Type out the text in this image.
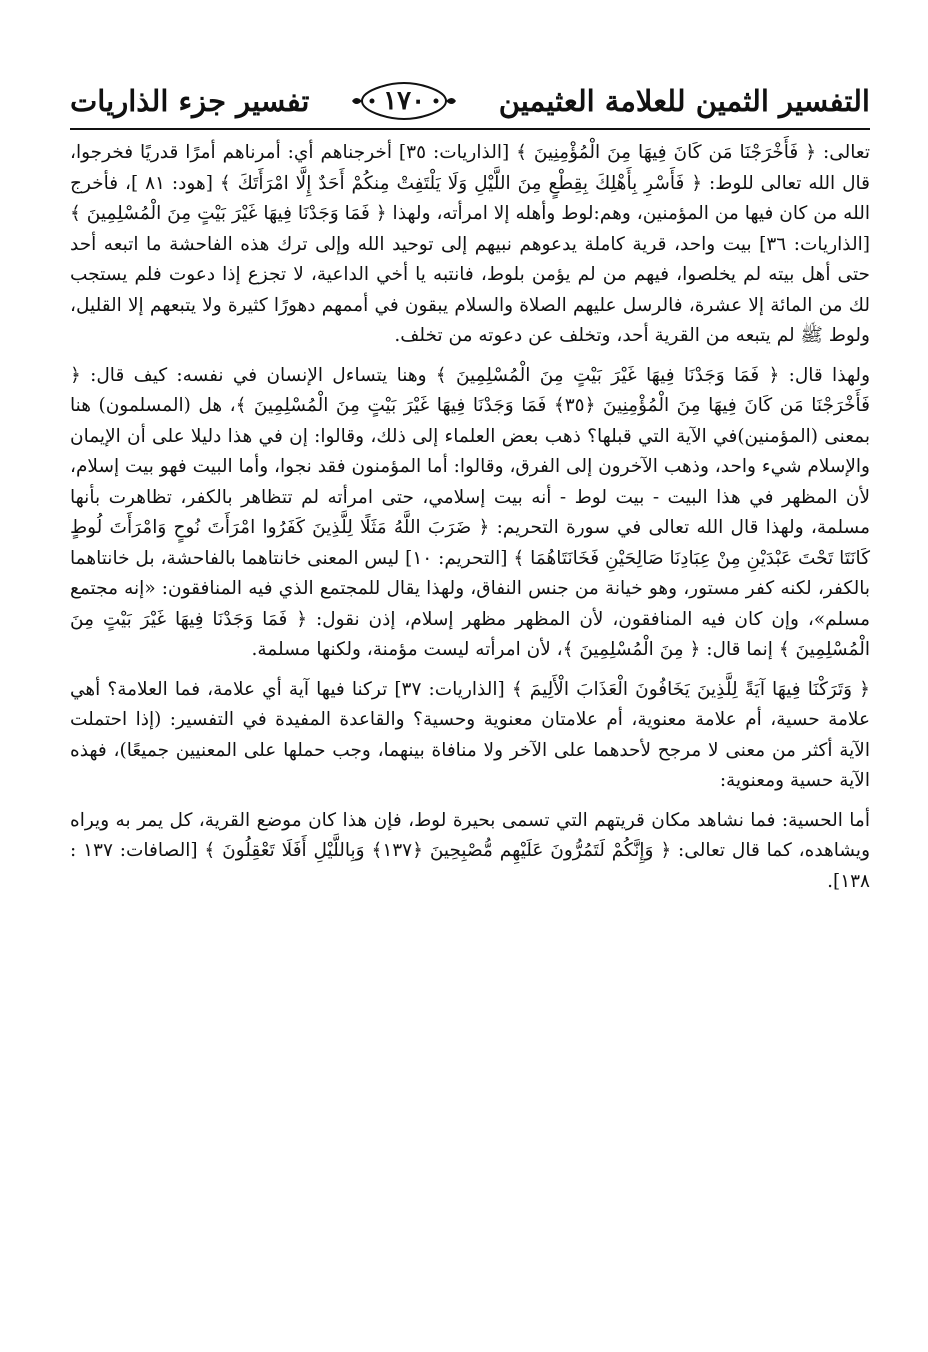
التفسير الثمين للعلامة العثيمين
١٧٠
تفسير جزء الذاريات

تعالى: ﴿ فَأَخْرَجْنَا مَن كَانَ فِيهَا مِنَ الْمُؤْمِنِينَ ﴾ [الذاريات: ٣٥] أخرجناهم أي: أمرناهم أمرًا قدريًا فخرجوا، قال الله تعالى للوط: ﴿ فَأَسْرِ بِأَهْلِكَ بِقِطْعٍ مِنَ اللَّيْلِ وَلَا يَلْتَفِتْ مِنكُمْ أَحَدٌ إِلَّا امْرَأَتَكَ ﴾ [هود: ٨١ ]، فأخرج الله من كان فيها من المؤمنين، وهم:لوط وأهله إلا امرأته، ولهذا ﴿ فَمَا وَجَدْنَا فِيهَا غَيْرَ بَيْتٍ مِنَ الْمُسْلِمِينَ ﴾ [الذاريات: ٣٦] بيت واحد، قرية كاملة يدعوهم نبيهم إلى توحيد الله وإلى ترك هذه الفاحشة ما اتبعه أحد حتى أهل بيته لم يخلصوا، فيهم من لم يؤمن بلوط، فانتبه يا أخي الداعية، لا تجزع إذا دعوت فلم يستجب لك من المائة إلا عشرة، فالرسل عليهم الصلاة والسلام يبقون في أممهم دهورًا كثيرة ولا يتبعهم إلا القليل، ولوط ﷺ لم يتبعه من القرية أحد، وتخلف عن دعوته من تخلف.

ولهذا قال: ﴿ فَمَا وَجَدْنَا فِيهَا غَيْرَ بَيْتٍ مِنَ الْمُسْلِمِينَ ﴾ وهنا يتساءل الإنسان في نفسه: كيف قال: ﴿ فَأَخْرَجْنَا مَن كَانَ فِيهَا مِنَ الْمُؤْمِنِينَ ﴿٣٥﴾ فَمَا وَجَدْنَا فِيهَا غَيْرَ بَيْتٍ مِنَ الْمُسْلِمِينَ ﴾، هل (المسلمون) هنا بمعنى (المؤمنين)في الآية التي قبلها؟ ذهب بعض العلماء إلى ذلك، وقالوا: إن في هذا دليلا على أن الإيمان والإسلام شيء واحد، وذهب الآخرون إلى الفرق، وقالوا: أما المؤمنون فقد نجوا، وأما البيت فهو بيت إسلام، لأن المظهر في هذا البيت - بيت لوط - أنه بيت إسلامي، حتى امرأته لم تتظاهر بالكفر، تظاهرت بأنها مسلمة، ولهذا قال الله تعالى في سورة التحريم: ﴿ ضَرَبَ اللَّهُ مَثَلًا لِلَّذِينَ كَفَرُوا امْرَأَتَ نُوحٍ وَامْرَأَتَ لُوطٍ كَانَتَا تَحْتَ عَبْدَيْنِ مِنْ عِبَادِنَا صَالِحَيْنِ فَخَانَتَاهُمَا ﴾ [التحريم: ١٠] ليس المعنى خانتاهما بالفاحشة، بل خانتاهما بالكفر، لكنه كفر مستور، وهو خيانة من جنس النفاق، ولهذا يقال للمجتمع الذي فيه المنافقون: «إنه مجتمع مسلم»، وإن كان فيه المنافقون، لأن المظهر مظهر إسلام، إذن نقول: ﴿ فَمَا وَجَدْنَا فِيهَا غَيْرَ بَيْتٍ مِنَ الْمُسْلِمِينَ ﴾ إنما قال: ﴿ مِنَ الْمُسْلِمِينَ ﴾، لأن امرأته ليست مؤمنة، ولكنها مسلمة.

﴿ وَتَرَكْنَا فِيهَا آيَةً لِلَّذِينَ يَخَافُونَ الْعَذَابَ الْأَلِيمَ ﴾ [الذاريات: ٣٧] تركنا فيها آية أي علامة، فما العلامة؟ أهي علامة حسية، أم علامة معنوية، أم علامتان معنوية وحسية؟ والقاعدة المفيدة في التفسير: (إذا احتملت الآية أكثر من معنى لا مرجح لأحدهما على الآخر ولا منافاة بينهما، وجب حملها على المعنيين جميعًا)، فهذه الآية حسية ومعنوية:

أما الحسية: فما نشاهد مكان قريتهم التي تسمى بحيرة لوط، فإن هذا كان موضع القرية، كل يمر به ويراه ويشاهده، كما قال تعالى: ﴿ وَإِنَّكُمْ لَتَمُرُّونَ عَلَيْهِم مُّصْبِحِينَ ﴿١٣٧﴾ وَبِاللَّيْلِ أَفَلَا تَعْقِلُونَ ﴾ [الصافات: ١٣٧ : ١٣٨].
